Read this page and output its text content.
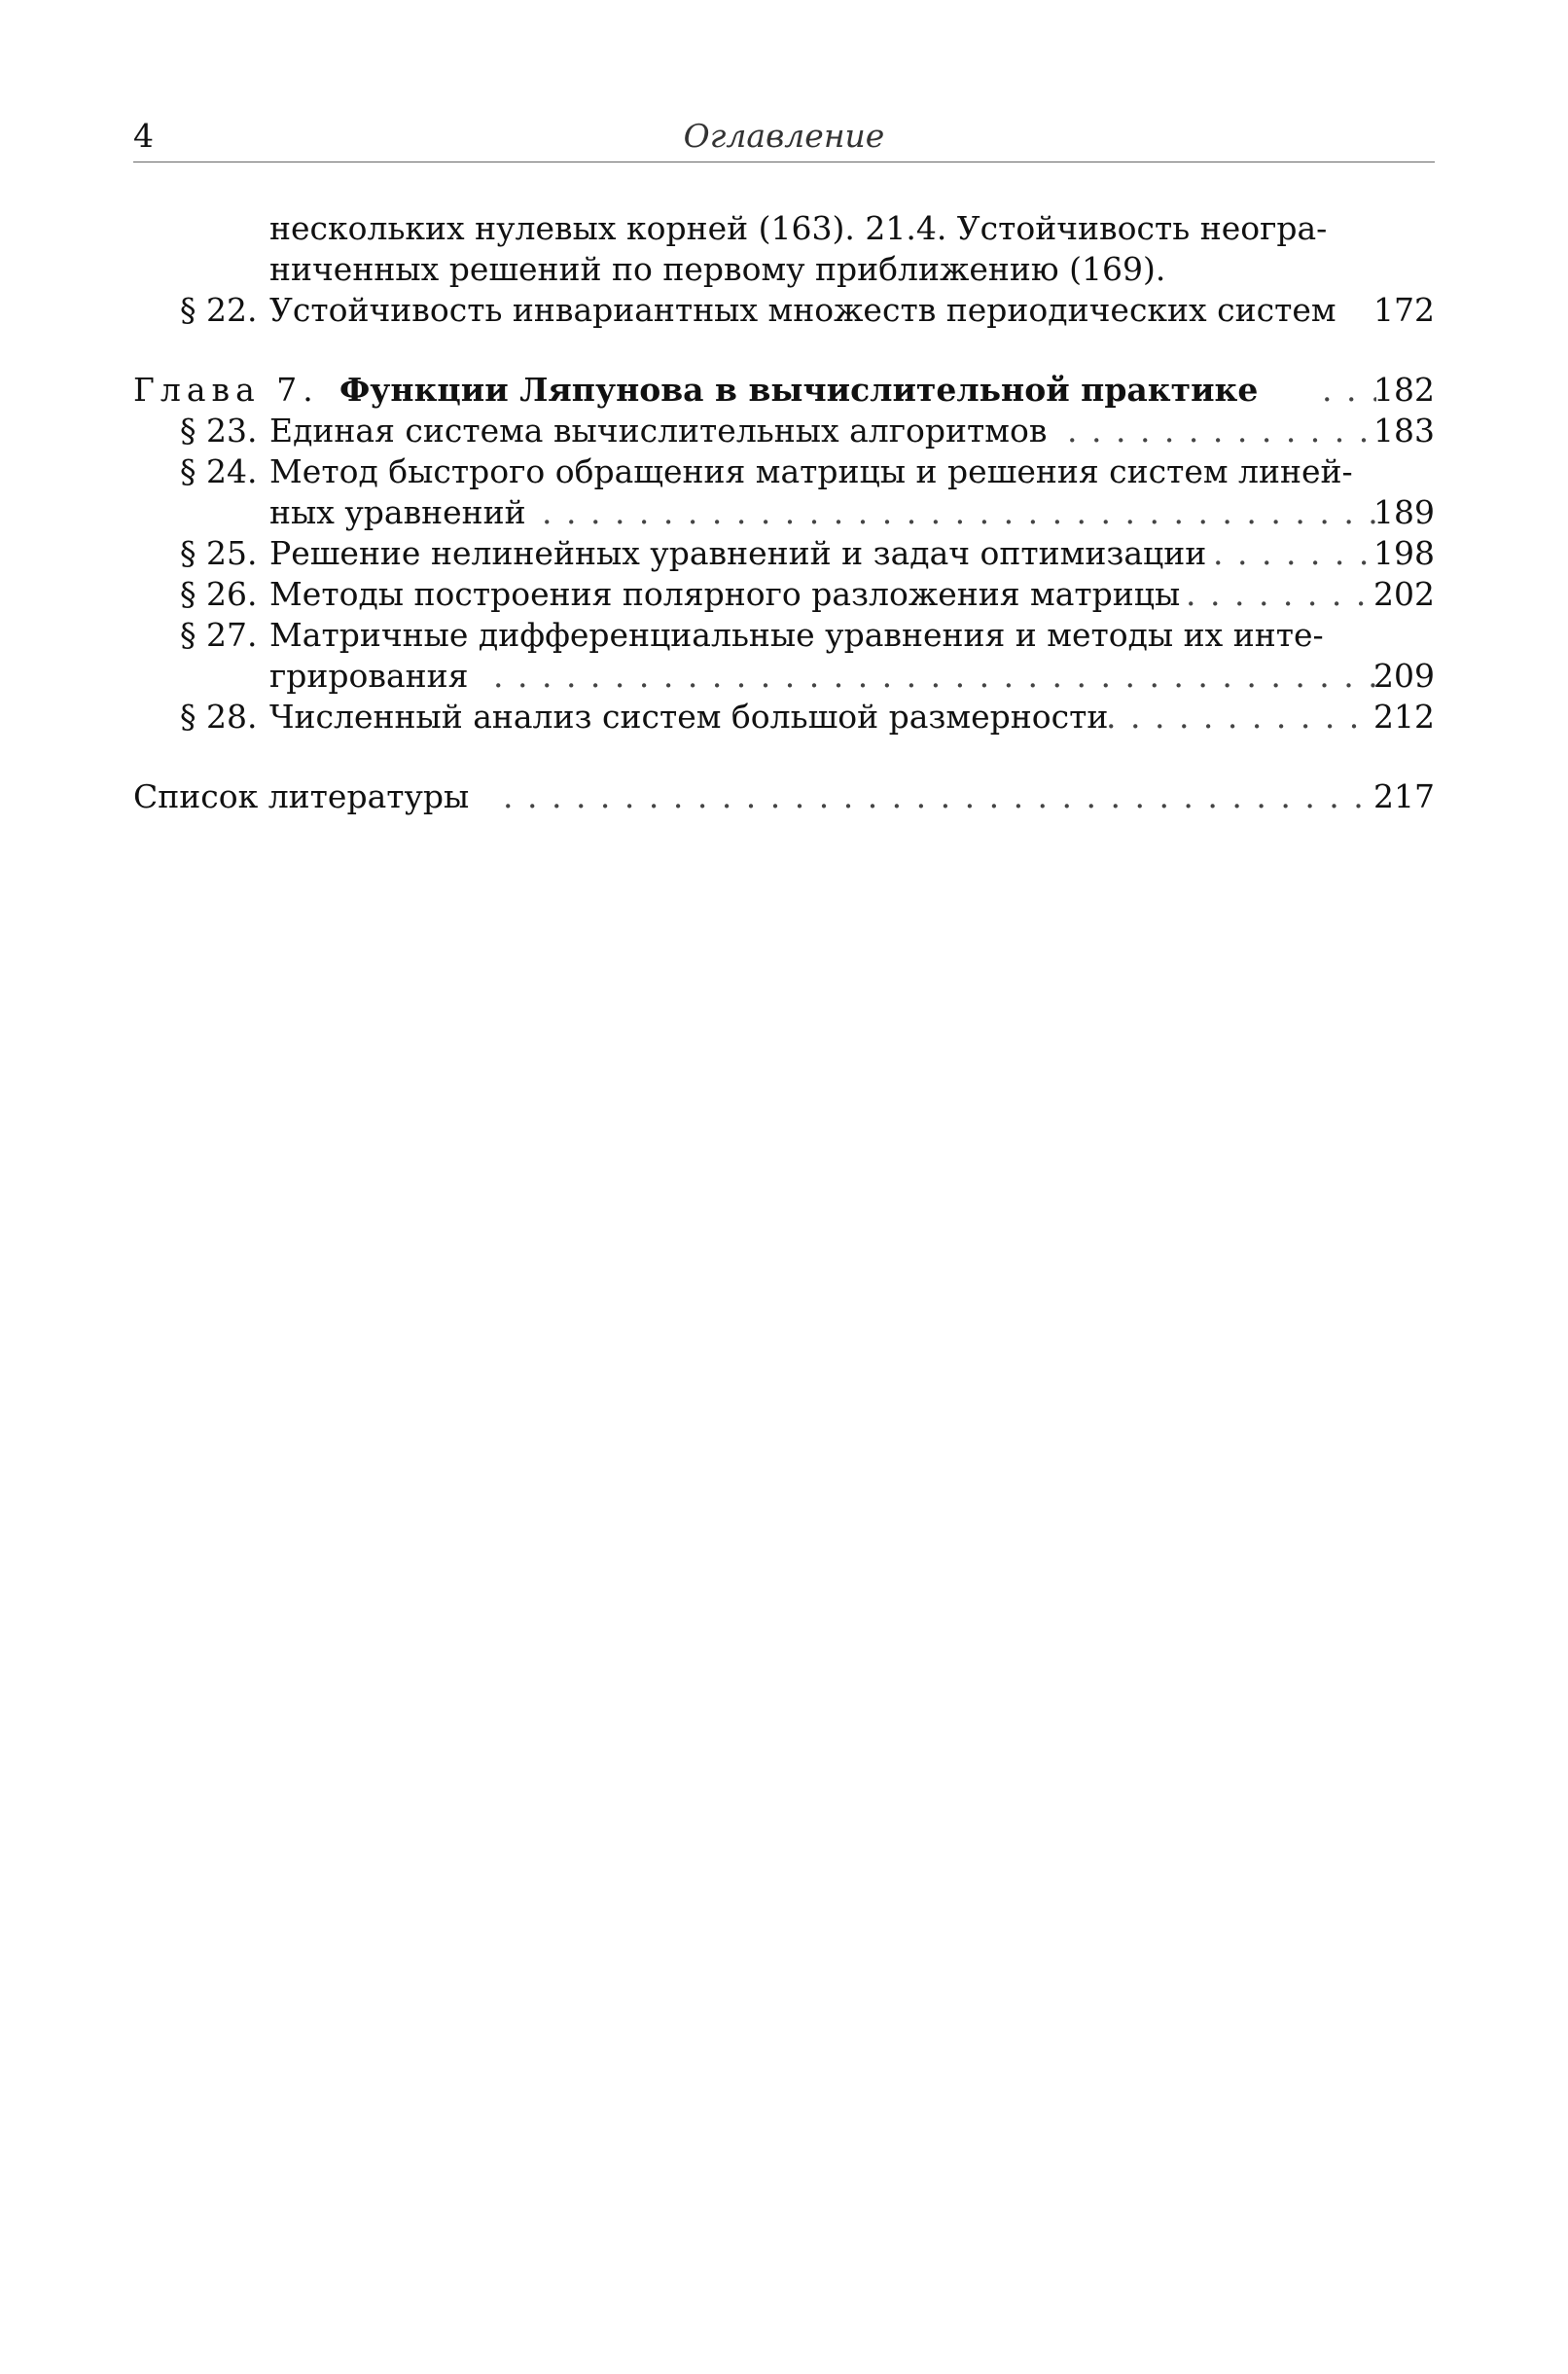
4	Оглавление
нескольких нулевых корней (163). 21.4. Устойчивость неогра-
ниченных решений по первому приближению (169).
§ 22. Устойчивость инвариантных множеств периодических систем 172
Глава 7. Функции Ляпунова в вычислительной практике . . .	182
§ 23. Единая система вычислительных алгоритмов . . .	183
§ 24. Метод быстрого обращения матрицы и решения систем линей-
ных уравнений . . .	189
§ 25. Решение нелинейных уравнений и задач оптимизации . . .	198
§ 26. Методы построения полярного разложения матрицы . . .	202
§ 27. Матричные дифференциальные уравнения и методы их инте-
грирования . . .	209
§ 28. Численный анализ систем большой размерности . . .	212
Список литературы . . .	217
